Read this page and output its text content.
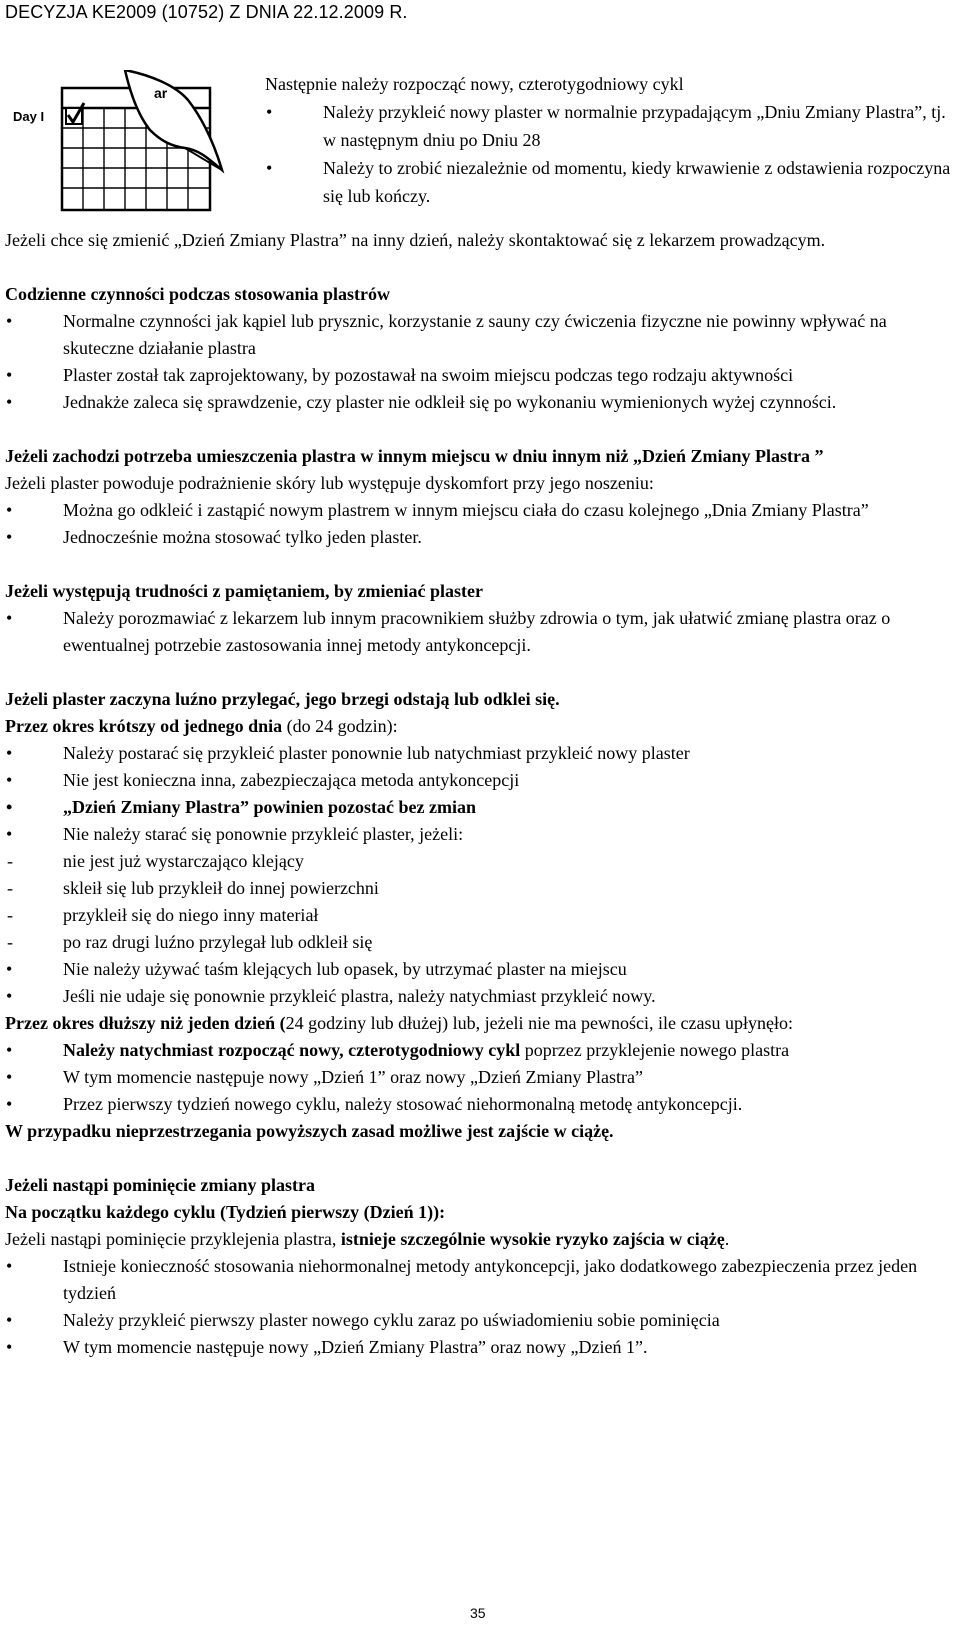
DECYZJA KE2009 (10752) Z DNIA 22.12.2009 R.
Day I
ar	Następnie należy rozpocząć nowy, czterotygodniowy cykl

•	Należy przykleić nowy plaster w normalnie przypadającym „Dniu Zmiany Plastra”, tj. w następnym dniu po Dniu 28
•	Należy to zrobić niezależnie od momentu, kiedy krwawienie z odstawienia rozpoczyna się lub kończy.

Jeżeli chce się zmienić „Dzień Zmiany Plastra” na inny dzień, należy skontaktować się z lekarzem prowadzącym.

Codzienne czynności podczas stosowania plastrów

•	Normalne czynności jak kąpiel lub prysznic, korzystanie z sauny czy ćwiczenia fizyczne nie powinny wpływać na skuteczne działanie plastra
•	Plaster został tak zaprojektowany, by pozostawał na swoim miejscu podczas tego rodzaju aktywności
•	Jednakże zaleca się sprawdzenie, czy plaster nie odkleił się po wykonaniu wymienionych wyżej czynności.

Jeżeli zachodzi potrzeba umieszczenia plastra w innym miejscu w dniu innym niż „Dzień Zmiany Plastra ”

Jeżeli plaster powoduje podrażnienie skóry lub występuje dyskomfort przy jego noszeniu:

•	Można go odkleić i zastąpić nowym plastrem w innym miejscu ciała do czasu kolejnego „Dnia Zmiany Plastra”
•	Jednocześnie można stosować tylko jeden plaster.

Jeżeli występują trudności z pamiętaniem, by zmieniać plaster

•	Należy porozmawiać z lekarzem lub innym pracownikiem służby zdrowia o tym, jak ułatwić zmianę plastra oraz o ewentualnej potrzebie zastosowania innej metody antykoncepcji.

Jeżeli plaster zaczyna luźno przylegać, jego brzegi odstają lub odklei się.

Przez okres krótszy od jednego dnia (do 24 godzin):

•	Należy postarać się przykleić plaster ponownie lub natychmiast przykleić nowy plaster
•	Nie jest konieczna inna, zabezpieczająca metoda antykoncepcji
•	„Dzień Zmiany Plastra” powinien pozostać bez zmian
•	Nie należy starać się ponownie przykleić plaster, jeżeli:
-	nie jest już wystarczająco klejący
-	skleił się lub przykleił do innej powierzchni
-	przykleił się do niego inny materiał
-	po raz drugi luźno przylegał lub odkleił się
•	Nie należy używać taśm klejących lub opasek, by utrzymać plaster na miejscu
•	Jeśli nie udaje się ponownie przykleić plastra, należy natychmiast przykleić nowy.

Przez okres dłuższy niż jeden dzień (24 godziny lub dłużej) lub, jeżeli nie ma pewności, ile czasu upłynęło:

•	Należy natychmiast rozpocząć nowy, czterotygodniowy cykl poprzez przyklejenie nowego plastra
•	W tym momencie następuje nowy „Dzień 1” oraz nowy „Dzień Zmiany Plastra”
•	Przez pierwszy tydzień nowego cyklu, należy stosować niehormonalną metodę antykoncepcji.

W przypadku nieprzestrzegania powyższych zasad możliwe jest zajście w ciążę.

Jeżeli nastąpi pominięcie zmiany plastra

Na początku każdego cyklu (Tydzień pierwszy (Dzień 1)):

Jeżeli nastąpi pominięcie przyklejenia plastra, istnieje szczególnie wysokie ryzyko zajścia w ciążę.

•	Istnieje konieczność stosowania niehormonalnej metody antykoncepcji, jako dodatkowego zabezpieczenia przez jeden tydzień
•	Należy przykleić pierwszy plaster nowego cyklu zaraz po uświadomieniu sobie pominięcia
•	W tym momencie następuje nowy „Dzień Zmiany Plastra” oraz nowy „Dzień 1”.
35
